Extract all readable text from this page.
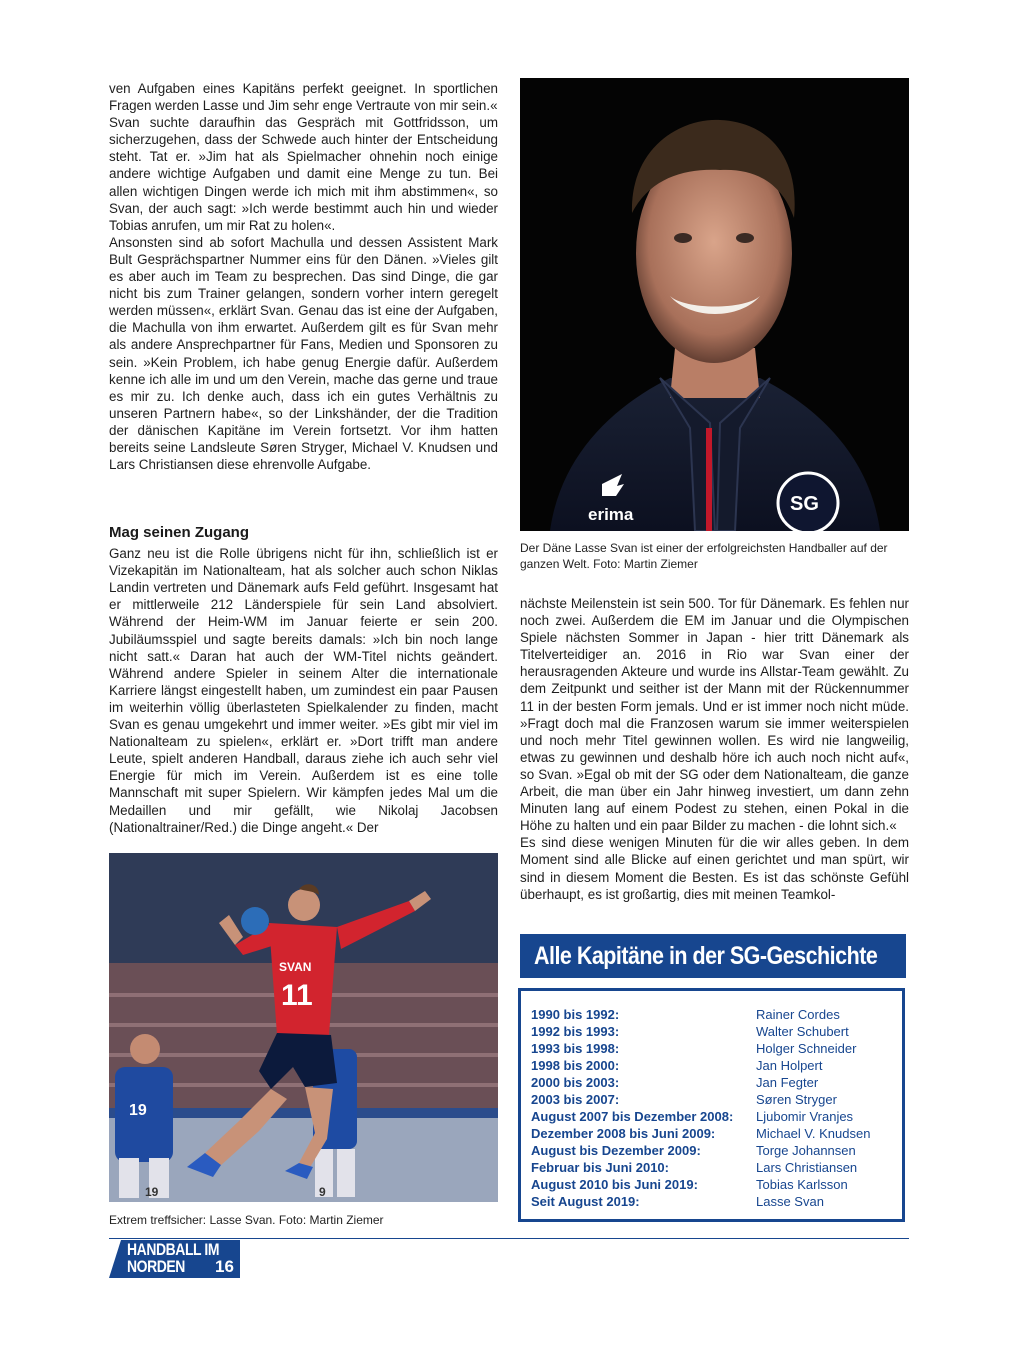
ven Aufgaben eines Kapitäns perfekt geeignet. In sportlichen Fragen werden Lasse und Jim sehr enge Vertraute von mir sein.«

Svan suchte daraufhin das Gespräch mit Gottfridsson, um sicherzugehen, dass der Schwede auch hinter der Entscheidung steht. Tat er. »Jim hat als Spielmacher ohnehin noch einige andere wichtige Aufgaben und damit eine Menge zu tun. Bei allen wichtigen Dingen werde ich mich mit ihm abstimmen«, so Svan, der auch sagt: »Ich werde bestimmt auch hin und wieder Tobias anrufen, um mir Rat zu holen«.

Ansonsten sind ab sofort Machulla und dessen Assistent Mark Bult Gesprächspartner Nummer eins für den Dänen. »Vieles gilt es aber auch im Team zu besprechen. Das sind Dinge, die gar nicht bis zum Trainer gelangen, sondern vorher intern geregelt werden müssen«, erklärt Svan. Genau das ist eine der Aufgaben, die Machulla von ihm erwartet. Außerdem gilt es für Svan mehr als andere Ansprechpartner für Fans, Medien und Sponsoren zu sein. »Kein Problem, ich habe genug Energie dafür. Außerdem kenne ich alle im und um den Verein, mache das gerne und traue es mir zu. Ich denke auch, dass ich ein gutes Verhältnis zu unseren Partnern habe«, so der Linkshänder, der die Tradition der dänischen Kapitäne im Verein fortsetzt. Vor ihm hatten bereits seine Landsleute Søren Stryger, Michael V. Knudsen und Lars Christiansen diese ehrenvolle Aufgabe.

Mag seinen Zugang

Ganz neu ist die Rolle übrigens nicht für ihn, schließlich ist er Vizekapitän im Nationalteam, hat als solcher auch schon Niklas Landin vertreten und Dänemark aufs Feld geführt. Insgesamt hat er mittlerweile 212 Länderspiele für sein Land absolviert. Während der Heim-WM im Januar feierte er sein 200. Jubiläumsspiel und sagte bereits damals: »Ich bin noch lange nicht satt.« Daran hat auch der WM-Titel nichts geändert. Während andere Spieler in seinem Alter die internationale Karriere längst eingestellt haben, um zumindest ein paar Pausen im weiterhin völlig überlasteten Spielkalender zu finden, macht Svan es genau umgekehrt und immer weiter. »Es gibt mir viel im Nationalteam zu spielen«, erklärt er. »Dort trifft man andere Leute, spielt anderen Handball, daraus ziehe ich auch sehr viel Energie für mich im Verein. Außerdem ist es eine tolle Mannschaft mit super Spielern. Wir kämpfen jedes Mal um die Medaillen und mir gefällt, wie Nikolaj Jacobsen (Nationaltrainer/Red.) die Dinge angeht.« Der

nächste Meilenstein ist sein 500. Tor für Dänemark. Es fehlen nur noch zwei. Außerdem die EM im Januar und die Olympischen Spiele nächsten Sommer in Japan - hier tritt Dänemark als Titelverteidiger an. 2016 in Rio war Svan einer der herausragenden Akteure und wurde ins Allstar-Team gewählt. Zu dem Zeitpunkt und seither ist der Mann mit der Rückennummer 11 in der besten Form jemals. Und er ist immer noch nicht müde. »Fragt doch mal die Franzosen warum sie immer weiterspielen und noch mehr Titel gewinnen wollen. Es wird nie langweilig, etwas zu gewinnen und deshalb höre ich auch noch nicht auf«, so Svan. »Egal ob mit der SG oder dem Nationalteam, die ganze Arbeit, die man über ein Jahr hinweg investiert, um dann zehn Minuten lang auf einem Podest zu stehen, einen Pokal in die Höhe zu halten und ein paar Bilder zu machen - die lohnt sich.«

Es sind diese wenigen Minuten für die wir alles geben. In dem Moment sind alle Blicke auf einen gerichtet und man spürt, wir sind in diesem Moment die Besten. Es ist das schönste Gefühl überhaupt, es ist großartig, dies mit meinen Teamkol-

erima	SG
Der Däne Lasse Svan ist einer der erfolgreichsten Handballer auf der ganzen Welt. Foto: Martin Ziemer
19
19	9
SVAN
11
Extrem treffsicher: Lasse Svan. Foto: Martin Ziemer
Alle Kapitäne in der SG-Geschichte
1990 bis 1992:	Rainer Cordes
1992 bis 1993:	Walter Schubert
1993 bis 1998:	Holger Schneider
1998 bis 2000:	Jan Holpert
2000 bis 2003:	Jan Fegter
2003 bis 2007:	Søren Stryger
August 2007 bis Dezember 2008: Ljubomir Vranjes
Dezember 2008 bis Juni 2009:	Michael V. Knudsen
August bis Dezember 2009:	Torge Johannsen
Februar bis Juni 2010:	Lars Christiansen
August 2010 bis Juni 2019:	Tobias Karlsson
Seit August 2019:	Lasse Svan
HANDBALL IM
NORDEN 16
